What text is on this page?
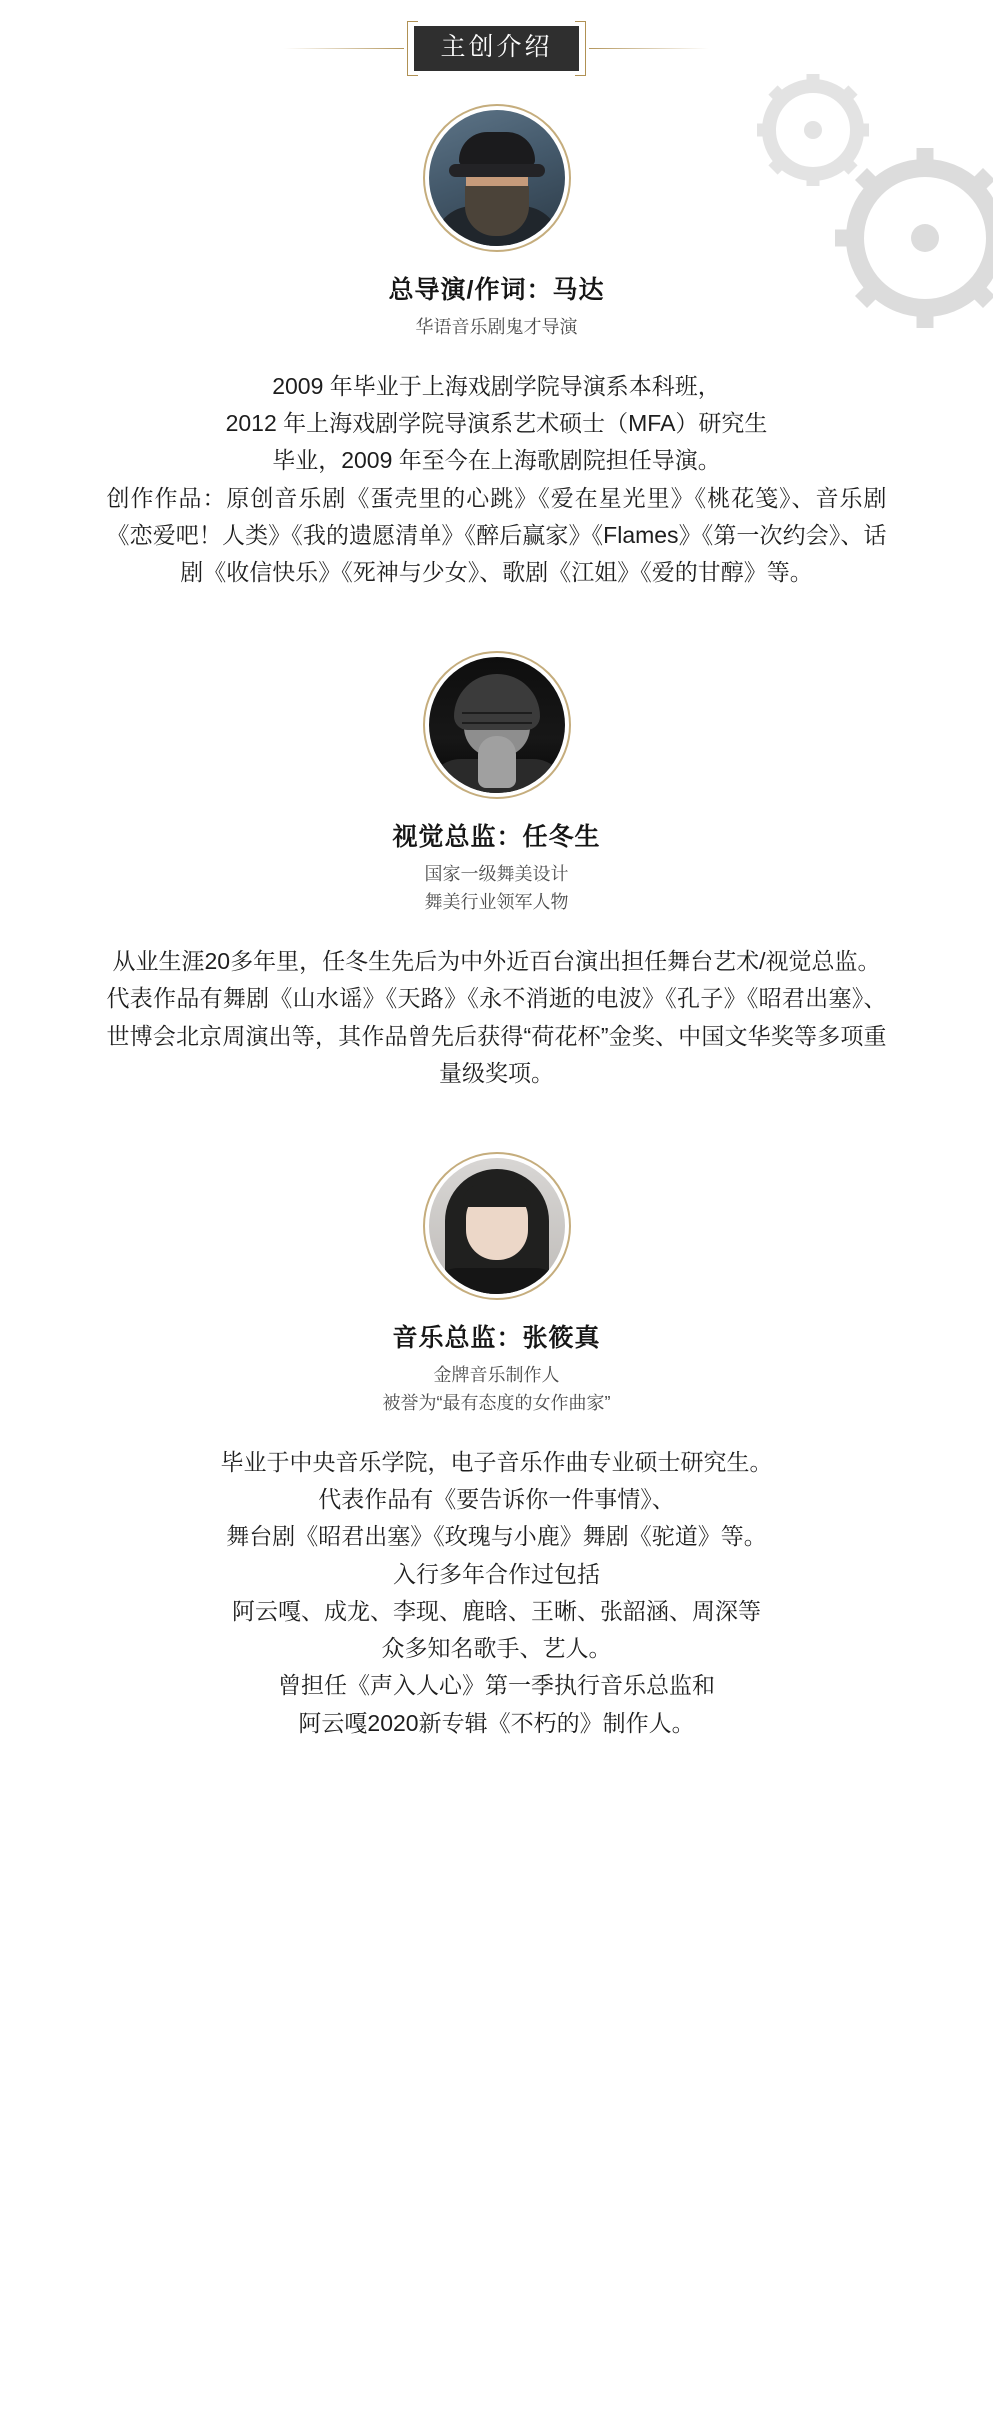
主创介绍
总导演/作词：马达
华语音乐剧鬼才导演

2009 年毕业于上海戏剧学院导演系本科班，

2012 年上海戏剧学院导演系艺术硕士（MFA）研究生

毕业，2009 年至今在上海歌剧院担任导演。

创作作品：原创音乐剧《蛋壳里的心跳》《爱在星光里》《桃花笺》、音乐剧《恋爱吧！人类》《我的遗愿清单》《醉后赢家》《Flames》《第一次约会》、话剧《收信快乐》《死神与少女》、歌剧《江姐》《爱的甘醇》等。

视觉总监：任冬生
国家一级舞美设计
舞美行业领军人物

从业生涯20多年里，任冬生先后为中外近百台演出担任舞台艺术/视觉总监。

代表作品有舞剧《山水谣》《天路》《永不消逝的电波》《孔子》《昭君出塞》、世博会北京周演出等，其作品曾先后获得“荷花杯”金奖、中国文华奖等多项重量级奖项。

音乐总监：张筱真
金牌音乐制作人
被誉为“最有态度的女作曲家”

毕业于中央音乐学院，电子音乐作曲专业硕士研究生。

代表作品有《要告诉你一件事情》、

舞台剧《昭君出塞》《玫瑰与小鹿》舞剧《驼道》等。

入行多年合作过包括

阿云嘎、成龙、李现、鹿晗、王晰、张韶涵、周深等

众多知名歌手、艺人。

曾担任《声入人心》第一季执行音乐总监和

阿云嘎2020新专辑《不朽的》制作人。
